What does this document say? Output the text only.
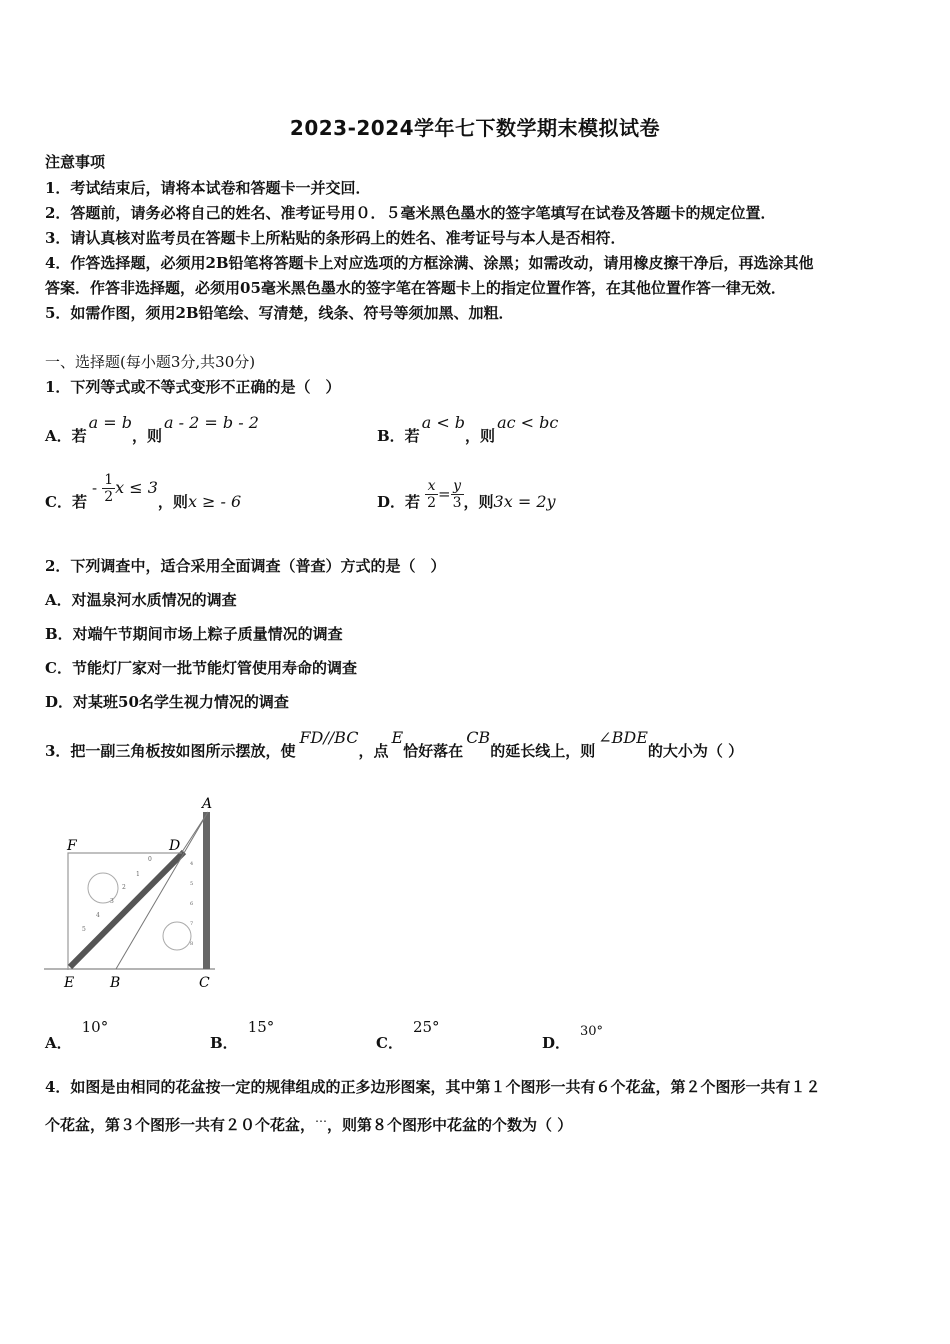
2023-2024学年七下数学期末模拟试卷
注意事项
1．考试结束后，请将本试卷和答题卡一并交回．
2．答题前，请务必将自己的姓名、准考证号用０．５毫米黑色墨水的签字笔填写在试卷及答题卡的规定位置．
3．请认真核对监考员在答题卡上所粘贴的条形码上的姓名、准考证号与本人是否相符．
4．作答选择题，必须用2B铅笔将答题卡上对应选项的方框涂满、涂黑；如需改动，请用橡皮擦干净后，再选涂其他
答案．作答非选择题，必须用05毫米黑色墨水的签字笔在答题卡上的指定位置作答，在其他位置作答一律无效．
5．如需作图，须用2B铅笔绘、写清楚，线条、符号等须加黑、加粗．
一、选择题(每小题3分,共30分)
1．下列等式或不等式变形不正确的是（　）
A．若a = b，则a - 2 = b - 2
B．若a < b，则ac < bc
C．若 - $\frac{1}{2}$ x ≤ 3，则x ≥ - 6	D．若 $\frac{x}{2} = \frac{y}{3}$ ，则3x = 2y
2．下列调查中，适合采用全面调查（普查）方式的是（　）
A．对温泉河水质情况的调查
B．对端午节期间市场上粽子质量情况的调查
C．节能灯厂家对一批节能灯管使用寿命的调查
D．对某班50名学生视力情况的调查
3．把一副三角板按如图所示摆放，使FD//BC，点E恰好落在CB的延长线上，则∠BDE的大小为（ ）
0
1
2
3
4
5
4
5
6
7
8
A
F	D
E	B	C
A．10°
B．15°
C．25°
D．30°
4．如图是由相同的花盆按一定的规律组成的正多边形图案，其中第１个图形一共有６个花盆，第２个图形一共有１２
个花盆，第３个图形一共有２０个花盆，⋯，则第８个图形中花盆的个数为（ ）
